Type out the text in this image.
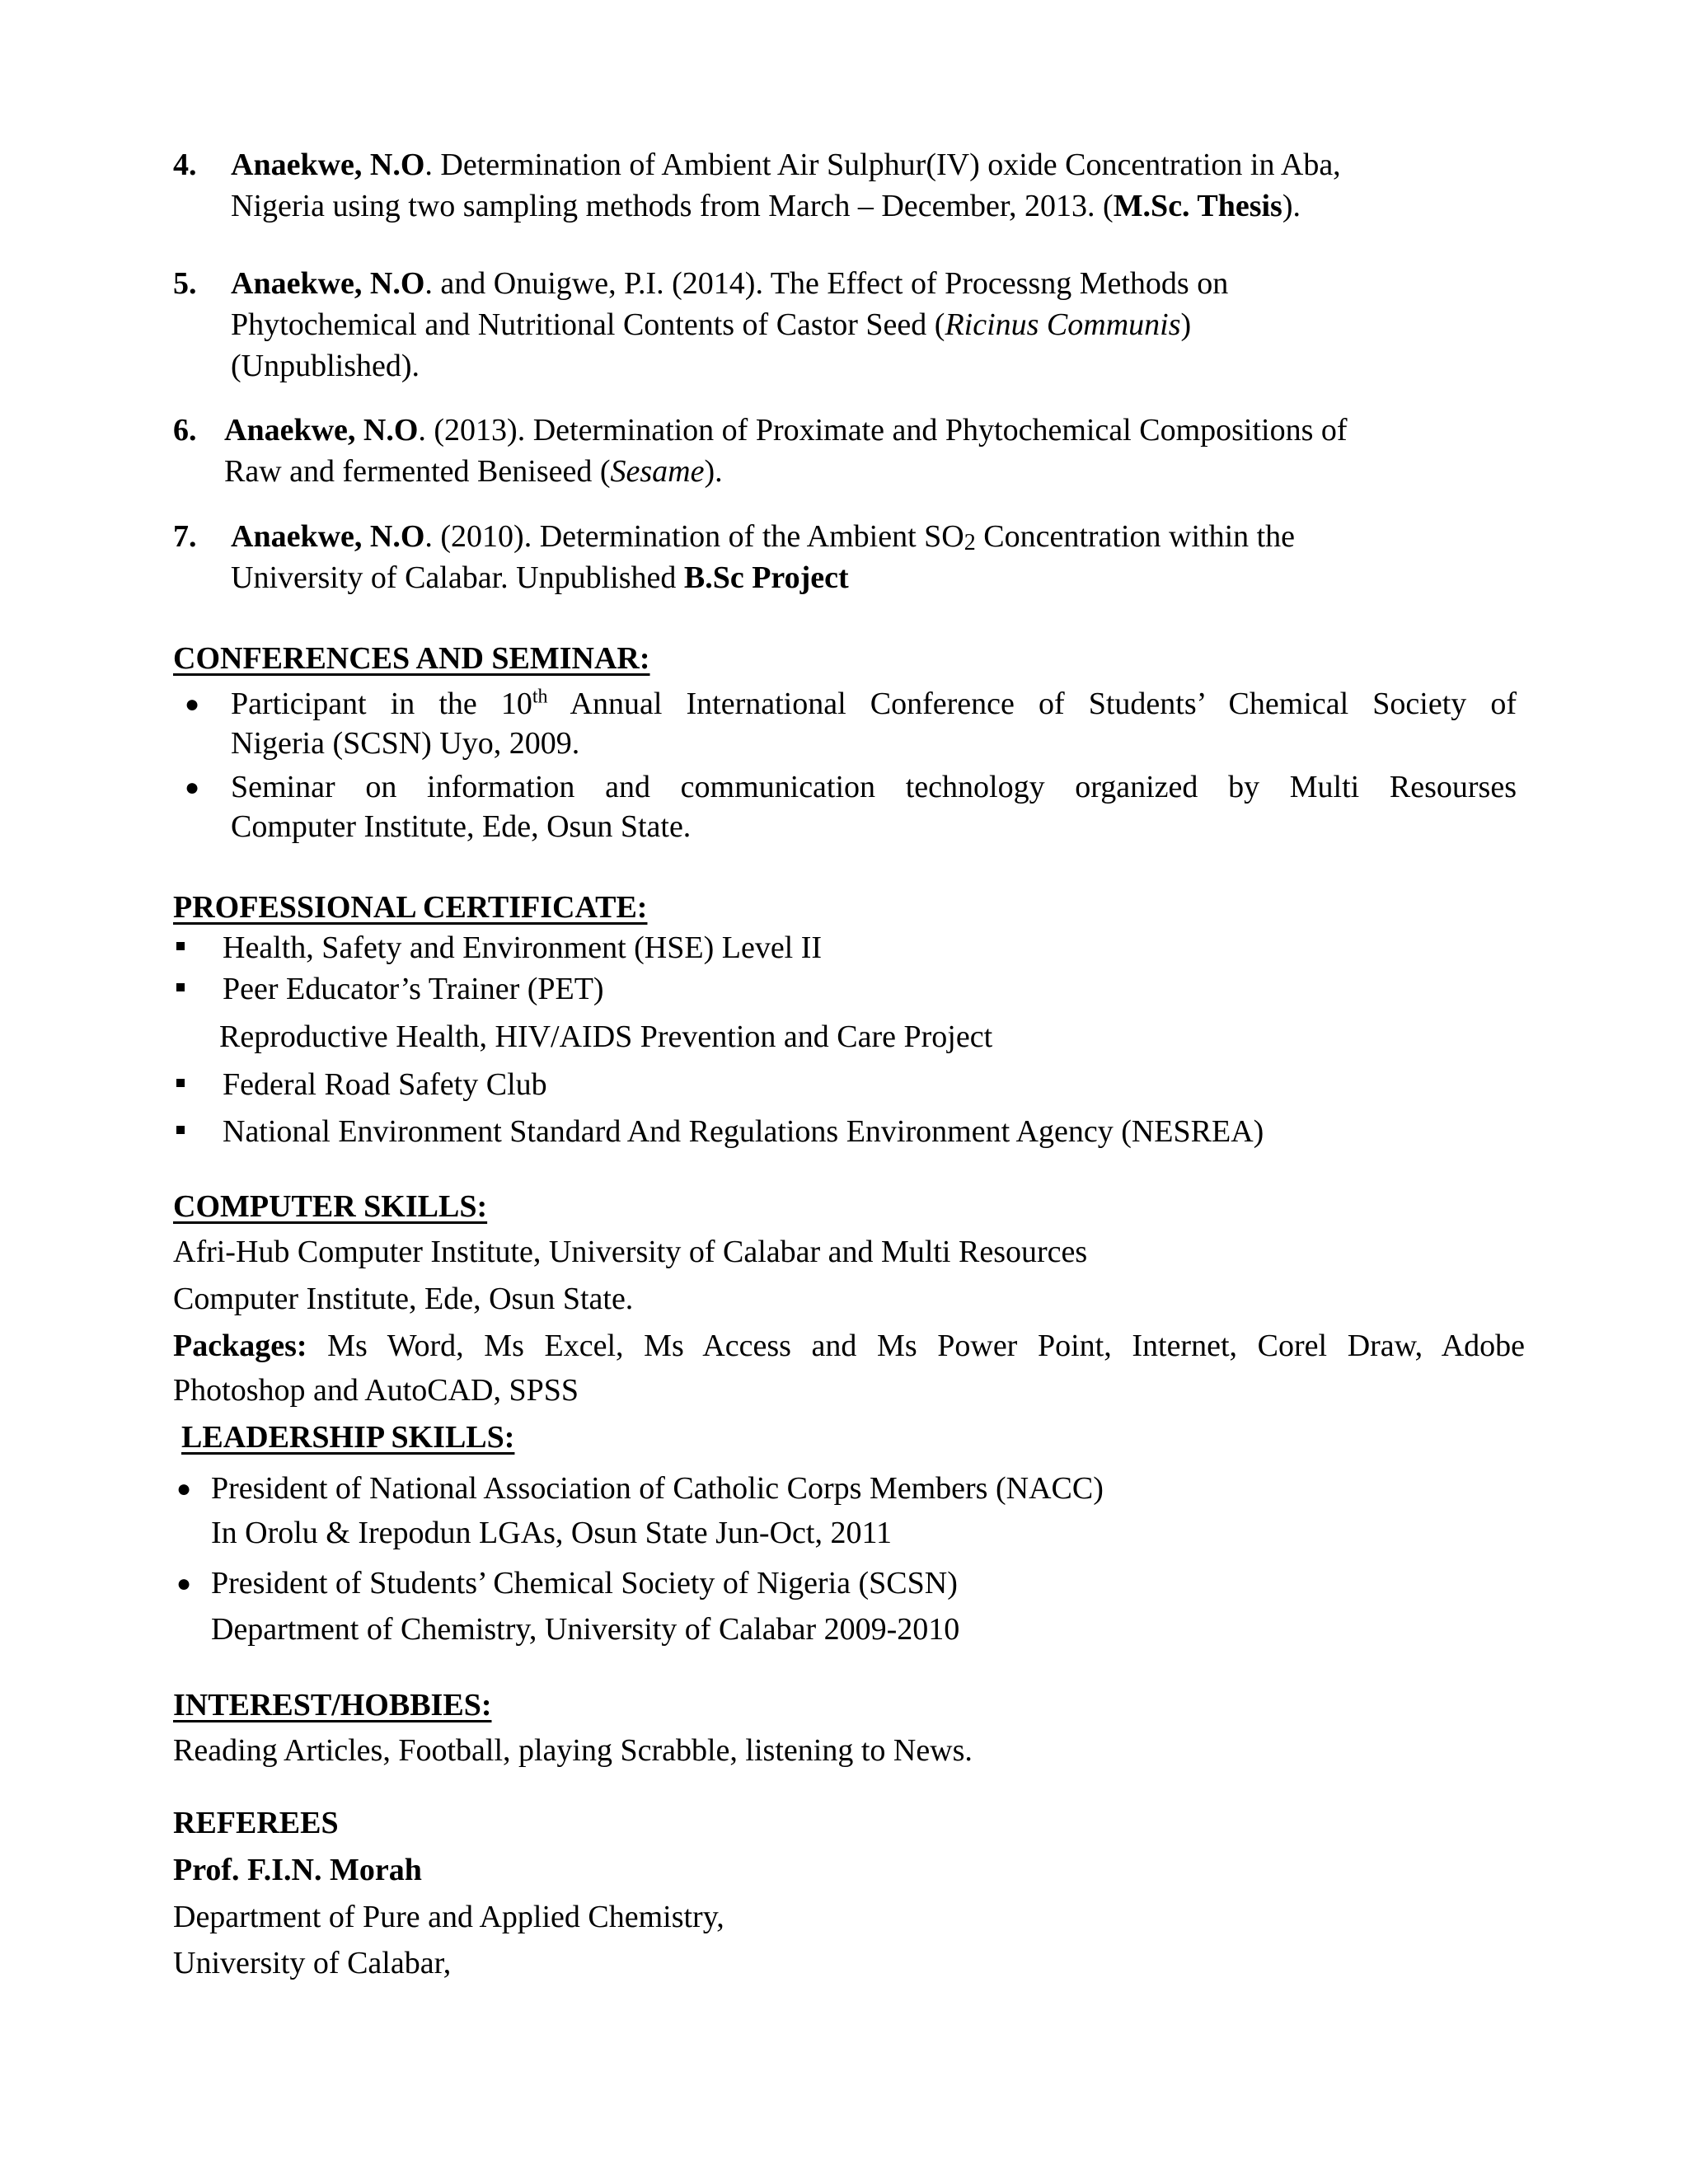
4. Anaekwe, N.O. Determination of Ambient Air Sulphur(IV) oxide Concentration in Aba,
Nigeria using two sampling methods from March – December, 2013. (M.Sc. Thesis).
5. Anaekwe, N.O. and Onuigwe, P.I. (2014). The Effect of Processng Methods on
Phytochemical and Nutritional Contents of Castor Seed (Ricinus Communis)
(Unpublished).
6. Anaekwe, N.O. (2013). Determination of Proximate and Phytochemical Compositions of
Raw and fermented Beniseed (Sesame).
7. Anaekwe, N.O. (2010). Determination of the Ambient $SO_2$ Concentration within the
University of Calabar. Unpublished B.Sc Project
CONFERENCES AND SEMINAR:
● Participant in the 10th Annual International Conference of Students’ Chemical Society of
Nigeria (SCSN) Uyo, 2009.
● Seminar on information and communication technology organized by Multi Resourses
Computer Institute, Ede, Osun State.
PROFESSIONAL CERTIFICATE:
Health, Safety and Environment (HSE) Level II
Peer Educator’s Trainer (PET)
Reproductive Health, HIV/AIDS Prevention and Care Project
Federal Road Safety Club
National Environment Standard And Regulations Environment Agency (NESREA)
COMPUTER SKILLS:
Afri-Hub Computer Institute, University of Calabar and Multi Resources
Computer Institute, Ede, Osun State.
Packages: Ms Word, Ms Excel, Ms Access and Ms Power Point, Internet, Corel Draw, Adobe
Photoshop and AutoCAD, SPSS
LEADERSHIP SKILLS:
● President of National Association of Catholic Corps Members (NACC)
In Orolu & Irepodun LGAs, Osun State Jun-Oct, 2011
● President of Students’ Chemical Society of Nigeria (SCSN)
Department of Chemistry, University of Calabar 2009-2010
INTEREST/HOBBIES:
Reading Articles, Football, playing Scrabble, listening to News.
REFEREES
Prof. F.I.N. Morah
Department of Pure and Applied Chemistry,
University of Calabar,
